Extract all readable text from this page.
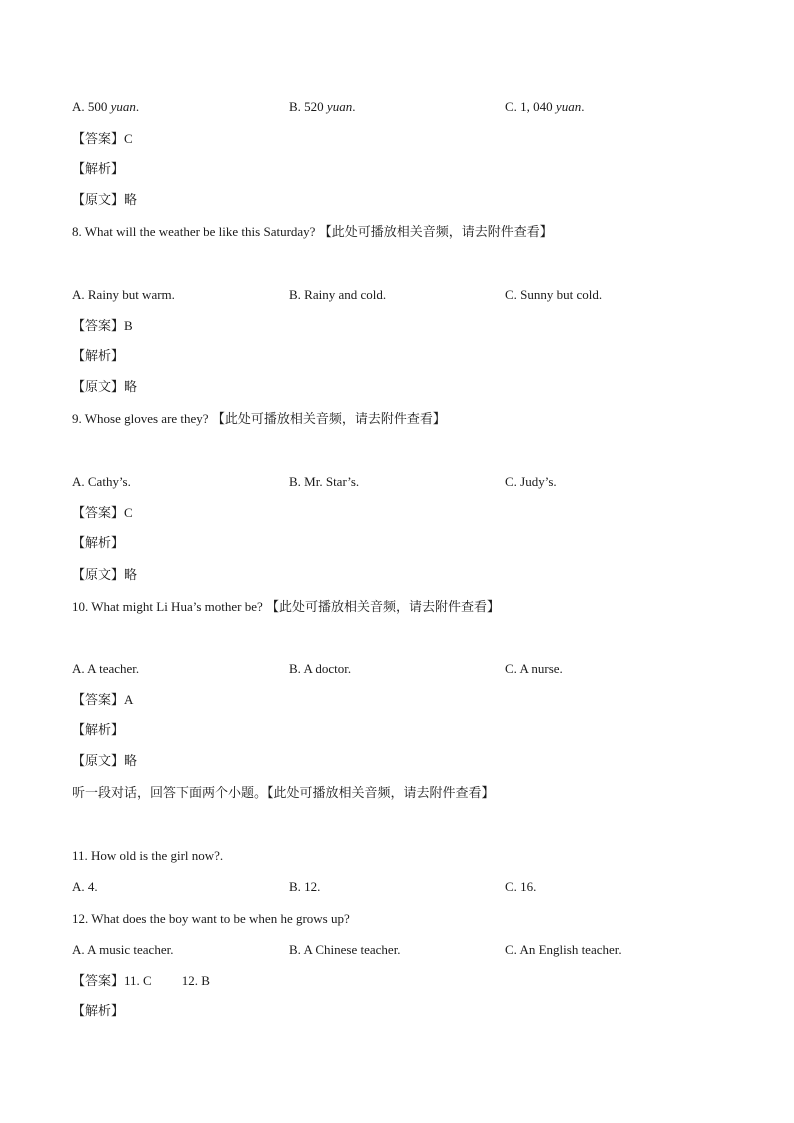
A. 500 yuan.	B. 520 yuan.	C. 1, 040 yuan.
【答案】C
【解析】
【原文】略
8. What will the weather be like this Saturday? 【此处可播放相关音频，请去附件查看】
A. Rainy but warm.	B. Rainy and cold.	C. Sunny but cold.
【答案】B
【解析】
【原文】略
9. Whose gloves are they? 【此处可播放相关音频，请去附件查看】
A. Cathy’s.	B. Mr. Star’s.	C. Judy’s.
【答案】C
【解析】
【原文】略
10. What might Li Hua’s mother be? 【此处可播放相关音频，请去附件查看】
A. A teacher.	B. A doctor.	C. A nurse.
【答案】A
【解析】
【原文】略
听一段对话，回答下面两个小题。【此处可播放相关音频，请去附件查看】
11. How old is the girl now?.
A. 4.	B. 12.	C. 16.
12. What does the boy want to be when he grows up?
A. A music teacher.	B. A Chinese teacher.	C. An English teacher.
【答案】11. C 12. B
【解析】
